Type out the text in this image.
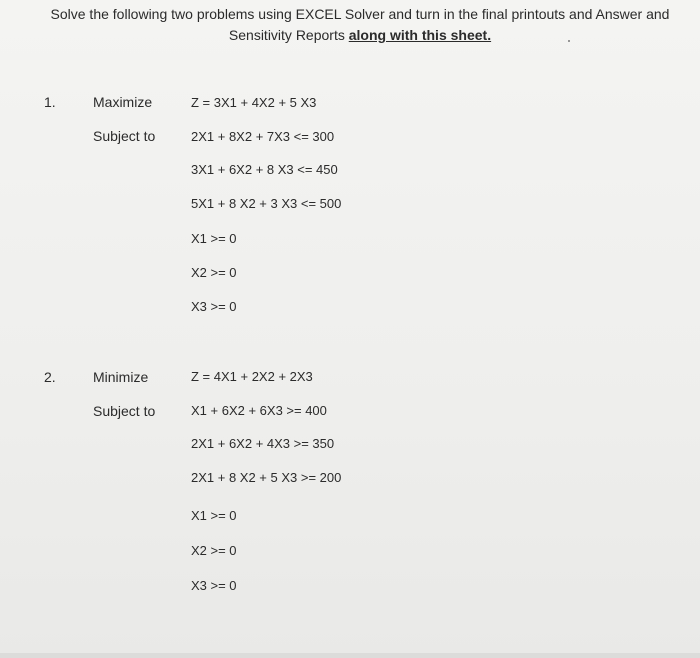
Solve the following two problems using EXCEL Solver and turn in the final printouts and Answer and
Sensitivity Reports along with this sheet.
1.	Maximize	Z = 3X1 + 4X2 + 5 X3
Subject to	2X1 + 8X2 + 7X3 <= 300
3X1 + 6X2 + 8 X3 <= 450
5X1 + 8 X2 + 3 X3 <= 500
X1 >= 0
X2 >= 0
X3 >= 0
2.	Minimize	Z = 4X1 + 2X2 + 2X3
Subject to	X1 + 6X2 + 6X3 >= 400
2X1 + 6X2 + 4X3 >= 350
2X1 + 8 X2 + 5 X3 >= 200
X1 >= 0
X2 >= 0
X3 >= 0
